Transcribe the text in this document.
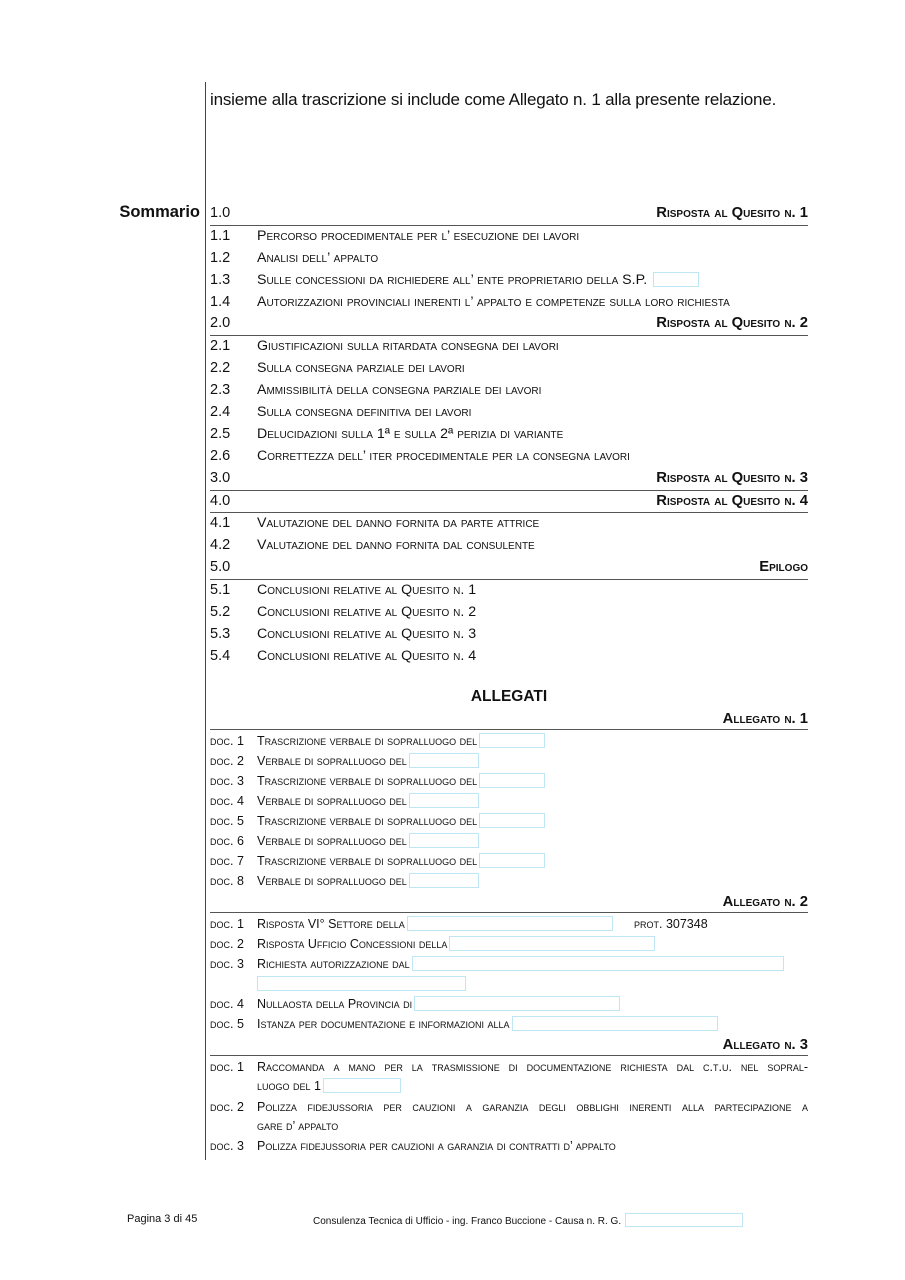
insieme alla trascrizione si include come Allegato n. 1 alla presente relazione.
Sommario 1.0	Risposta al Quesito n. 1
1.1 Percorso procedimentale per l’ esecuzione dei lavori
1.2 Analisi dell’ appalto
1.3 Sulle concessioni da richiedere all’ ente proprietario della S.P.
1.4 Autorizzazioni provinciali inerenti l’ appalto e competenze sulla loro richiesta
2.0	Risposta al Quesito n. 2
2.1 Giustificazioni sulla ritardata consegna dei lavori
2.2 Sulla consegna parziale dei lavori
2.3 Ammissibilità della consegna parziale dei lavori
2.4 Sulla consegna definitiva dei lavori
2.5 Delucidazioni sulla 1ª e sulla 2ª perizia di variante
2.6 Correttezza dell’ iter procedimentale per la consegna lavori
3.0	Risposta al Quesito n. 3
4.0	Risposta al Quesito n. 4
4.1 Valutazione del danno fornita da parte attrice
4.2 Valutazione del danno fornita dal consulente
5.0	Epilogo
5.1 Conclusioni relative al Quesito n. 1
5.2 Conclusioni relative al Quesito n. 2
5.3 Conclusioni relative al Quesito n. 3
5.4 Conclusioni relative al Quesito n. 4
ALLEGATI
Allegato n. 1
doc. 1 Trascrizione verbale di sopralluogo del
doc. 2 Verbale di sopralluogo del
doc. 3 Trascrizione verbale di sopralluogo del
doc. 4 Verbale di sopralluogo del
doc. 5 Trascrizione verbale di sopralluogo del
doc. 6 Verbale di sopralluogo del
doc. 7 Trascrizione verbale di sopralluogo del
doc. 8 Verbale di sopralluogo del
Allegato n. 2
doc. 1 Risposta VI° Settore della	prot. 307348
doc. 2 Risposta Ufficio Concessioni della
doc. 3 Richiesta autorizzazione dal
doc. 4 Nullaosta della Provincia di
doc. 5 Istanza per documentazione e informazioni alla
Allegato n. 3
doc. 1 Raccomanda a mano per la trasmissione di documentazione richiesta dal c.t.u. nel sopral-
luogo del 1
doc. 2 Polizza fidejussoria per cauzioni a garanzia degli obblighi inerenti alla partecipazione a
gare d’ appalto
doc. 3 Polizza fidejussoria per cauzioni a garanzia di contratti d’ appalto
Pagina 3 di 45	Consulenza Tecnica di Ufficio - ing. Franco Buccione - Causa n. R. G.
